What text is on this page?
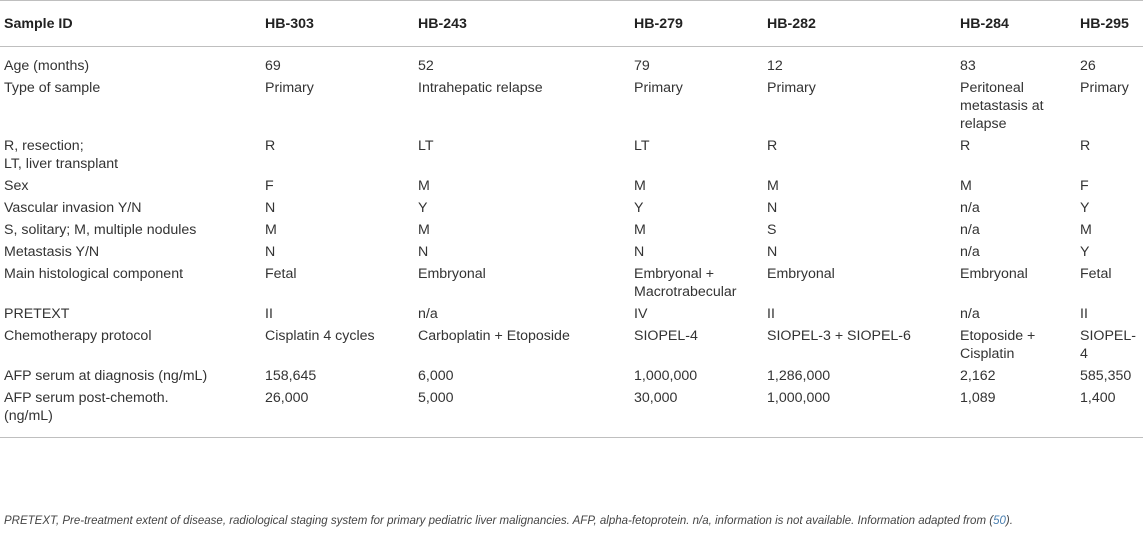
Sample ID	HB-303	HB-243	HB-279	HB-282	HB-284	HB-295
Age (months)	69	52	79	12	83	26
Type of sample	Primary	Intrahepatic relapse	Primary	Primary	Peritoneal metastasis at relapse	Primary
R, resection;
LT, liver transplant	R	LT	LT	R	R	R
Sex	F	M	M	M	M	F
Vascular invasion Y/N	N	Y	Y	N	n/a	Y
S, solitary; M, multiple nodules	M	M	M	S	n/a	M
Metastasis Y/N	N	N	N	N	n/a	Y
Main histological component	Fetal	Embryonal	Embryonal + Macrotrabecular	Embryonal	Embryonal	Fetal
PRETEXT	II	n/a	IV	II	n/a	II
Chemotherapy protocol	Cisplatin 4 cycles	Carboplatin + Etoposide	SIOPEL-4	SIOPEL-3 + SIOPEL-6	Etoposide + Cisplatin	SIOPEL-4
AFP serum at diagnosis (ng/mL)	158,645	6,000	1,000,000	1,286,000	2,162	585,350
AFP serum post-chemoth.
(ng/mL)	26,000	5,000	30,000	1,000,000	1,089	1,400
PRETEXT, Pre-treatment extent of disease, radiological staging system for primary pediatric liver malignancies. AFP, alpha-fetoprotein. n/a, information is not available. Information adapted from (50).
